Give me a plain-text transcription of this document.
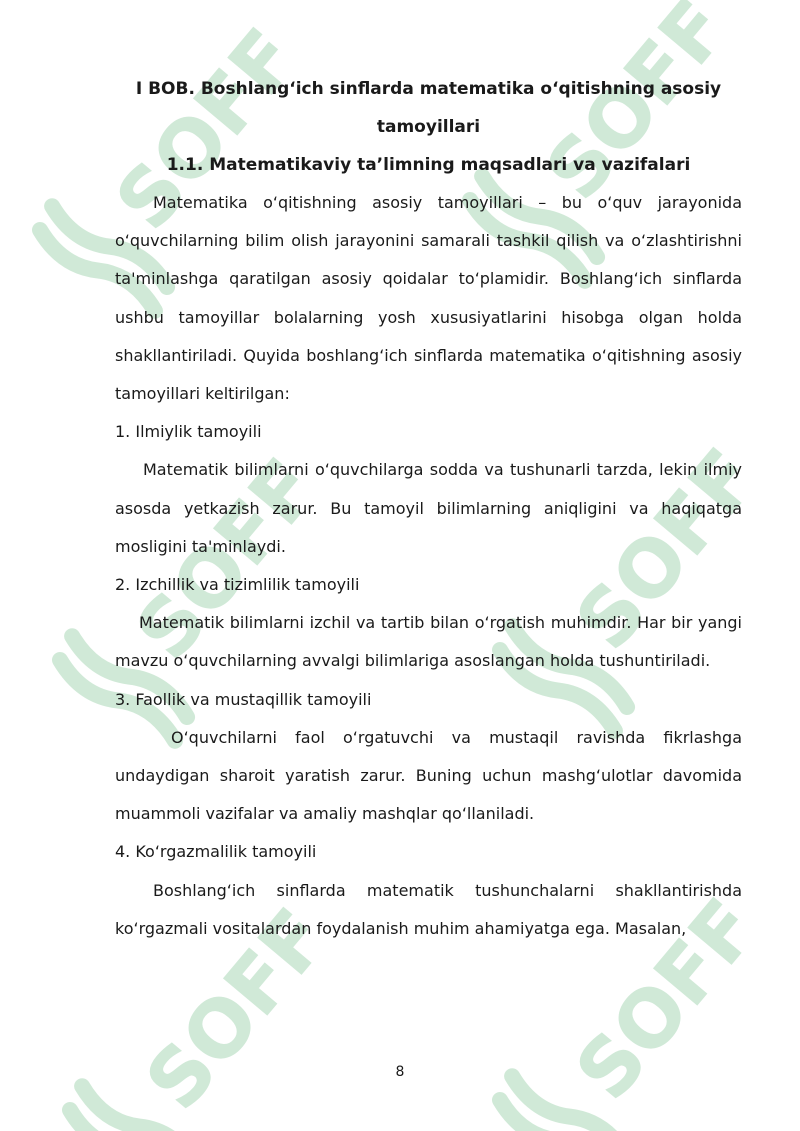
SOFF
I BOB. Boshlang‘ich sinflarda matematika o‘qitishning asosiy tamoyillari
1.1. Matematikaviy ta’limning maqsadlari va vazifalari

Matematika o‘qitishning asosiy tamoyillari – bu o‘quv jarayonida o‘quvchilarning bilim olish jarayonini samarali tashkil qilish va o‘zlashtirishni ta'minlashga qaratilgan asosiy qoidalar to‘plamidir. Boshlang‘ich sinflarda ushbu tamoyillar bolalarning yosh xususiyatlarini hisobga olgan holda shakllantiriladi. Quyida boshlang‘ich sinflarda matematika o‘qitishning asosiy tamoyillari keltirilgan:

1. Ilmiylik tamoyili

Matematik bilimlarni o‘quvchilarga sodda va tushunarli tarzda, lekin ilmiy asosda yetkazish zarur. Bu tamoyil bilimlarning aniqligini va haqiqatga mosligini ta'minlaydi.

2. Izchillik va tizimlilik tamoyili

Matematik bilimlarni izchil va tartib bilan o‘rgatish muhimdir. Har bir yangi mavzu o‘quvchilarning avvalgi bilimlariga asoslangan holda tushuntiriladi.

3. Faollik va mustaqillik tamoyili

O‘quvchilarni faol o‘rgatuvchi va mustaqil ravishda fikrlashga undaydigan sharoit yaratish zarur. Buning uchun mashg‘ulotlar davomida muammoli vazifalar va amaliy mashqlar qo‘llaniladi.

4. Ko‘rgazmalilik tamoyili

Boshlang‘ich sinflarda matematik tushunchalarni shakllantirishda ko‘rgazmali vositalardan foydalanish muhim ahamiyatga ega. Masalan,

8
